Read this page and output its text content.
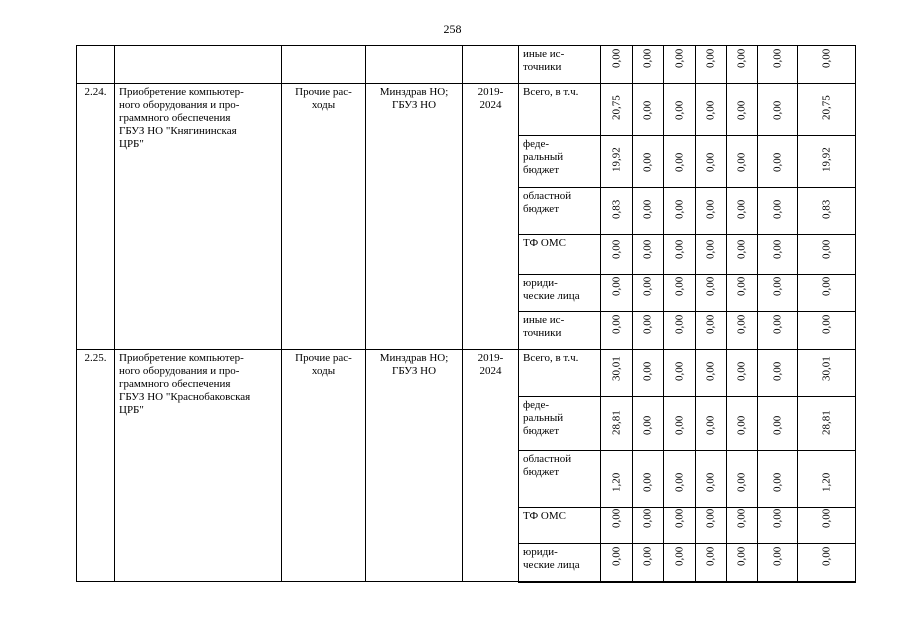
258
					иные ис-
точники	0,00	0,00	0,00	0,00	0,00	0,00	0,00

2.24.	Приобретение компьютер-
ного оборудования и про-
граммного обеспечения
ГБУЗ НО "Княгининская
ЦРБ"	Прочие рас-
ходы	Минздрав НО;
ГБУЗ НО	2019-
2024	Всего, в т.ч.	20,75	0,00	0,00	0,00	0,00	0,00	20,75

					феде-
ральный
бюджет	19,92	0,00	0,00	0,00	0,00	0,00	19,92

					областной
бюджет	0,83	0,00	0,00	0,00	0,00	0,00	0,83

					ТФ ОМС	0,00	0,00	0,00	0,00	0,00	0,00	0,00

					юриди-
ческие лица	0,00	0,00	0,00	0,00	0,00	0,00	0,00

					иные ис-
точники	0,00	0,00	0,00	0,00	0,00	0,00	0,00

2.25.	Приобретение компьютер-
ного оборудования и про-
граммного обеспечения
ГБУЗ НО "Краснобаковская
ЦРБ"	Прочие рас-
ходы	Минздрав НО;
ГБУЗ НО	2019-
2024	Всего, в т.ч.	30,01	0,00	0,00	0,00	0,00	0,00	30,01

					феде-
ральный
бюджет	28,81	0,00	0,00	0,00	0,00	0,00	28,81

					областной
бюджет	1,20	0,00	0,00	0,00	0,00	0,00	1,20

					ТФ ОМС	0,00	0,00	0,00	0,00	0,00	0,00	0,00

					юриди-
ческие лица	0,00	0,00	0,00	0,00	0,00	0,00	0,00
